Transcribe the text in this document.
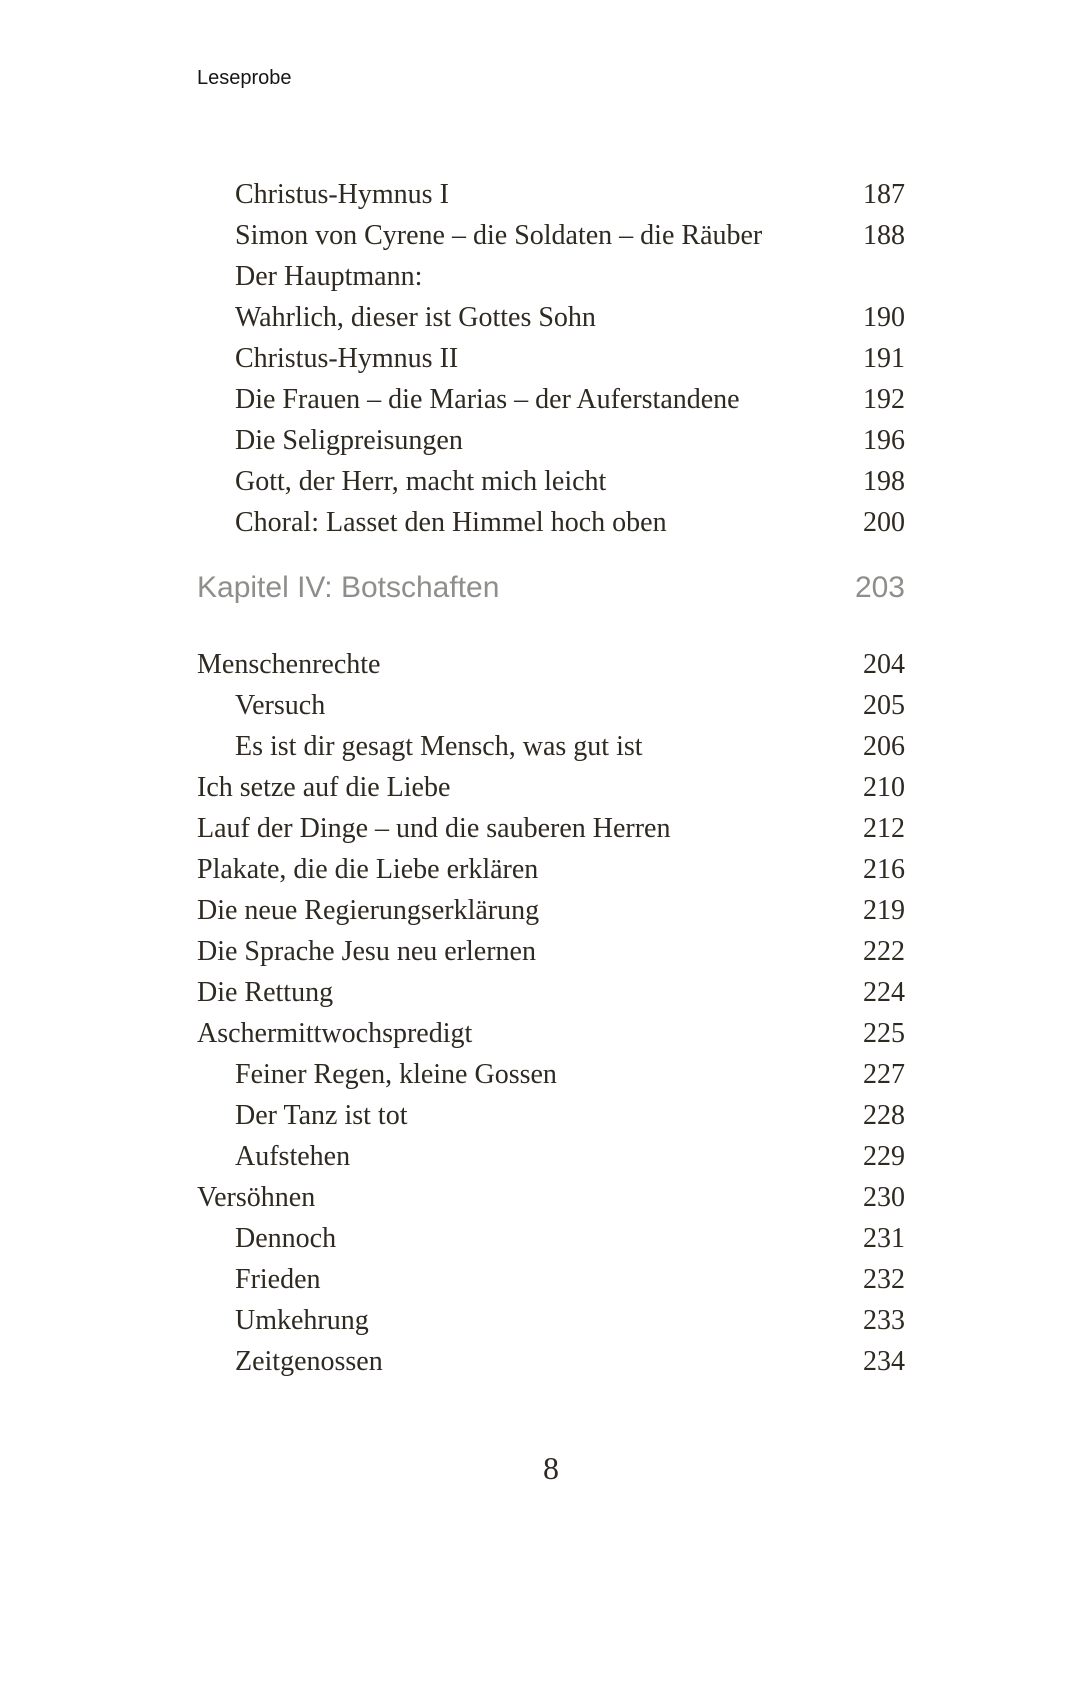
Leseprobe
Christus-Hymnus I	187
Simon von Cyrene – die Soldaten – die Räuber	188
Der Hauptmann:
Wahrlich, dieser ist Gottes Sohn	190
Christus-Hymnus II	191
Die Frauen – die Marias – der Auferstandene	192
Die Seligpreisungen	196
Gott, der Herr, macht mich leicht	198
Choral: Lasset den Himmel hoch oben	200
Kapitel IV: Botschaften	203
Menschenrechte	204
Versuch	205
Es ist dir gesagt Mensch, was gut ist	206
Ich setze auf die Liebe	210
Lauf der Dinge – und die sauberen Herren	212
Plakate, die die Liebe erklären	216
Die neue Regierungserklärung	219
Die Sprache Jesu neu erlernen	222
Die Rettung	224
Aschermittwochspredigt	225
Feiner Regen, kleine Gossen	227
Der Tanz ist tot	228
Aufstehen	229
Versöhnen	230
Dennoch	231
Frieden	232
Umkehrung	233
Zeitgenossen	234
8
